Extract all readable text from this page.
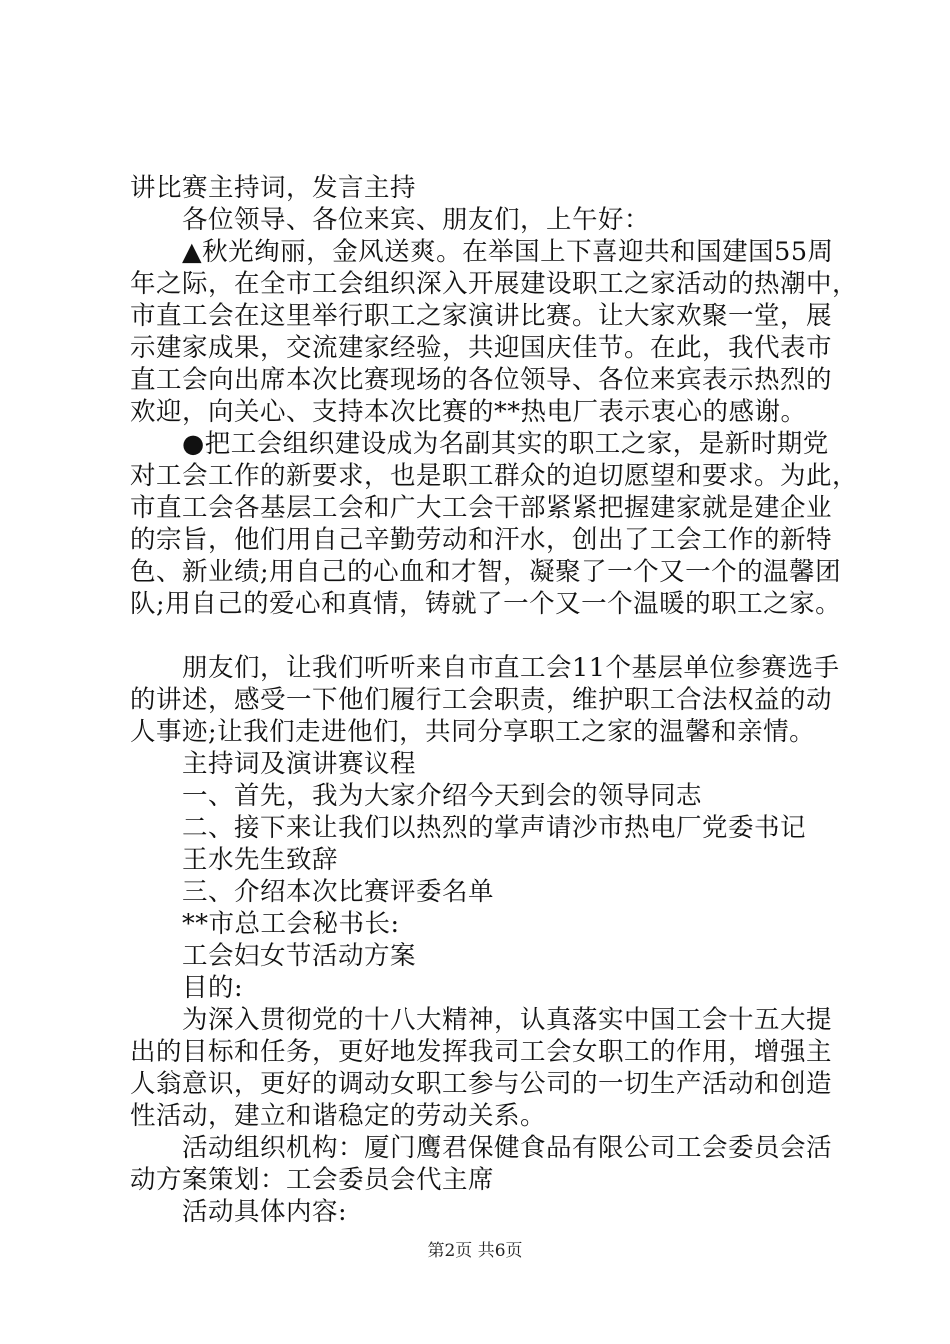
讲比赛主持词，发言主持
各位领导、各位来宾、朋友们，上午好：
▲秋光绚丽，金风送爽。在举国上下喜迎共和国建国55周
年之际，在全市工会组织深入开展建设职工之家活动的热潮中，
市直工会在这里举行职工之家演讲比赛。让大家欢聚一堂，展
示建家成果，交流建家经验，共迎国庆佳节。在此，我代表市
直工会向出席本次比赛现场的各位领导、各位来宾表示热烈的
欢迎，向关心、支持本次比赛的**热电厂表示衷心的感谢。
●把工会组织建设成为名副其实的职工之家，是新时期党
对工会工作的新要求，也是职工群众的迫切愿望和要求。为此，
市直工会各基层工会和广大工会干部紧紧把握建家就是建企业
的宗旨，他们用自己辛勤劳动和汗水，创出了工会工作的新特
色、新业绩;用自己的心血和才智，凝聚了一个又一个的温馨团
队;用自己的爱心和真情，铸就了一个又一个温暖的职工之家。
朋友们，让我们听听来自市直工会11个基层单位参赛选手
的讲述，感受一下他们履行工会职责，维护职工合法权益的动
人事迹;让我们走进他们，共同分享职工之家的温馨和亲情。
主持词及演讲赛议程
一、首先，我为大家介绍今天到会的领导同志
二、接下来让我们以热烈的掌声请沙市热电厂党委书记
王水先生致辞
三、介绍本次比赛评委名单
**市总工会秘书长:
工会妇女节活动方案
目的:
为深入贯彻党的十八大精神，认真落实中国工会十五大提
出的目标和任务，更好地发挥我司工会女职工的作用，增强主
人翁意识，更好的调动女职工参与公司的一切生产活动和创造
性活动，建立和谐稳定的劳动关系。
活动组织机构：厦门鹰君保健食品有限公司工会委员会活
动方案策划：工会委员会代主席
活动具体内容:
第2页 共6页
